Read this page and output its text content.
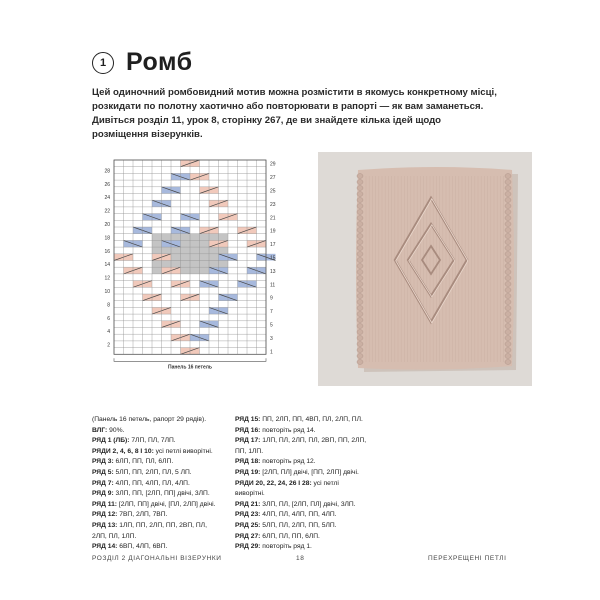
1 Ромб

Цей одиночний ромбовидний мотив можна розмістити в якомусь конкретному місці,

розкидати по полотну хаотично або повторювати в рапорті — як вам заманеться.

Дивіться розділ 11, урок 8, сторінку 267, де ви знайдете кілька ідей щодо

розміщення візерунків.

28
26
24
22
20
18
16
14
12
10
8
6
4
2
29
27
25
23
21
19
17
15
13
11
9
7
5
3
1
Панель 16 петель
(Панель 16 петель, рапорт 29 рядів).
ВЛГ: 90%.
РЯД 1 (ЛБ): 7ЛП, ПЛ, 7ЛП.
РЯДИ 2, 4, 6, 8 І 10: усі петлі виворітні.
РЯД 3: 6ЛП, ПП, ПЛ, 6ЛП.
РЯД 5: 5ЛП, ПП, 2ЛП, ПЛ, 5 ЛП.
РЯД 7: 4ЛП, ПП, 4ЛП, ПЛ, 4ЛП.
РЯД 9: 3ЛП, ПП, [2ЛП, ПП] двічі, 3ЛП.
РЯД 11: [2ЛП, ПП] двічі, [ПЛ, 2ЛП] двічі.
РЯД 12: 7ВП, 2ЛП, 7ВП.
РЯД 13: 1ЛП, ПП, 2ЛП, ПП, 2ВП, ПЛ,
2ЛП, ПЛ, 1ЛП.
РЯД 14: 6ВП, 4ЛП, 6ВП.
РЯД 15: ПП, 2ЛП, ПП, 4ВП, ПЛ, 2ЛП, ПЛ.
РЯД 16: повторіть ряд 14.
РЯД 17: 1ЛП, ПЛ, 2ЛП, ПЛ, 2ВП, ПП, 2ЛП,
ПП, 1ЛП.
РЯД 18: повторіть ряд 12.
РЯД 19: [2ЛП, ПЛ] двічі, [ПП, 2ЛП] двічі.
РЯДИ 20, 22, 24, 26 І 28: усі петлі
виворітні.
РЯД 21: 3ЛП, ПЛ, [2ЛП, ПЛ] двічі, 3ЛП.
РЯД 23: 4ЛП, ПЛ, 4ЛП, ПП, 4ЛП.
РЯД 25: 5ЛП, ПЛ, 2ЛП, ПП, 5ЛП.
РЯД 27: 6ЛП, ПЛ, ПП, 6ЛП.
РЯД 29: повторіть ряд 1.
РОЗДІЛ 2 ДІАГОНАЛЬНІ ВІЗЕРУНКИ	18	ПЕРЕХРЕЩЕНІ ПЕТЛІ
